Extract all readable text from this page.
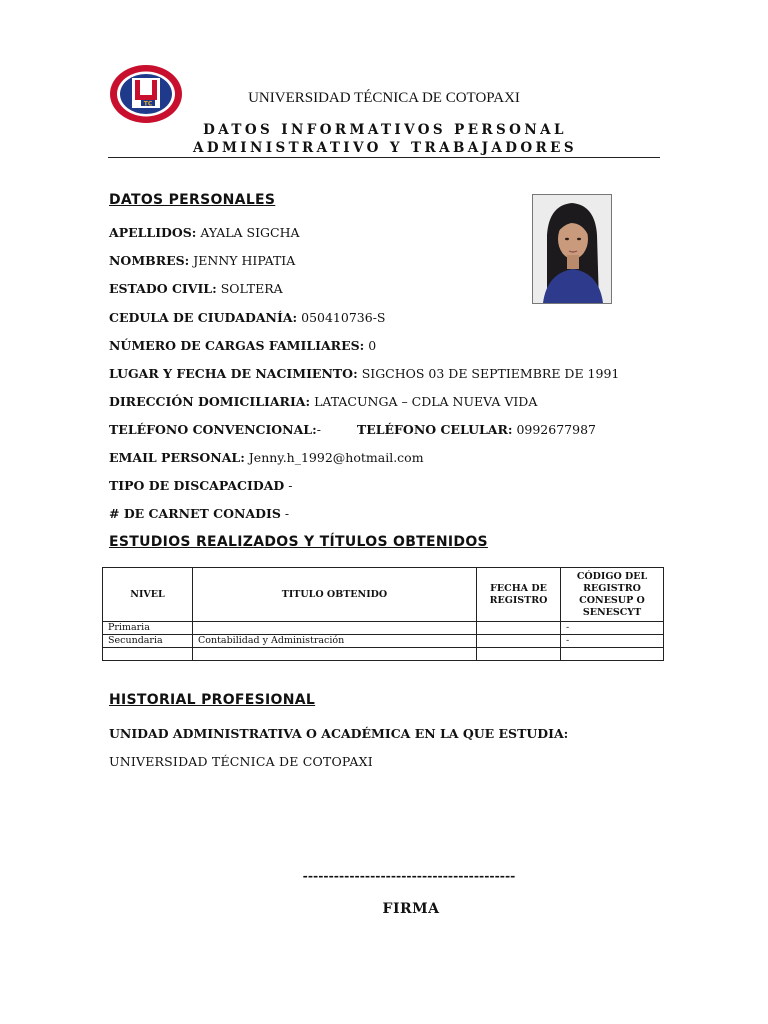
TC	UNIVERSIDAD TÉCNICA DE COTOPAXI
DATOS INFORMATIVOS PERSONAL
ADMINISTRATIVO Y TRABAJADORES
DATOS PERSONALES
APELLIDOS: AYALA SIGCHA
NOMBRES: JENNY HIPATIA
ESTADO CIVIL: SOLTERA
CEDULA DE CIUDADANÍA: 050410736-S
NÚMERO DE CARGAS FAMILIARES: 0
LUGAR Y FECHA DE NACIMIENTO: SIGCHOS 03 DE SEPTIEMBRE DE 1991
DIRECCIÓN DOMICILIARIA: LATACUNGA – CDLA NUEVA VIDA
TELÉFONO CONVENCIONAL:-	TELÉFONO CELULAR: 0992677987
EMAIL PERSONAL: Jenny.h_1992@hotmail.com
TIPO DE DISCAPACIDAD -
# DE CARNET CONADIS -
ESTUDIOS REALIZADOS Y TÍTULOS OBTENIDOS
NIVEL	TITULO OBTENIDO	FECHA DE REGISTRO	CÓDIGO DEL REGISTRO CONESUP O SENESCYT
Primaria			-
Secundaria	Contabilidad y Administración		-

HISTORIAL PROFESIONAL
UNIDAD ADMINISTRATIVA O ACADÉMICA EN LA QUE ESTUDIA:
UNIVERSIDAD TÉCNICA DE COTOPAXI
-----------------------------------------
FIRMA
